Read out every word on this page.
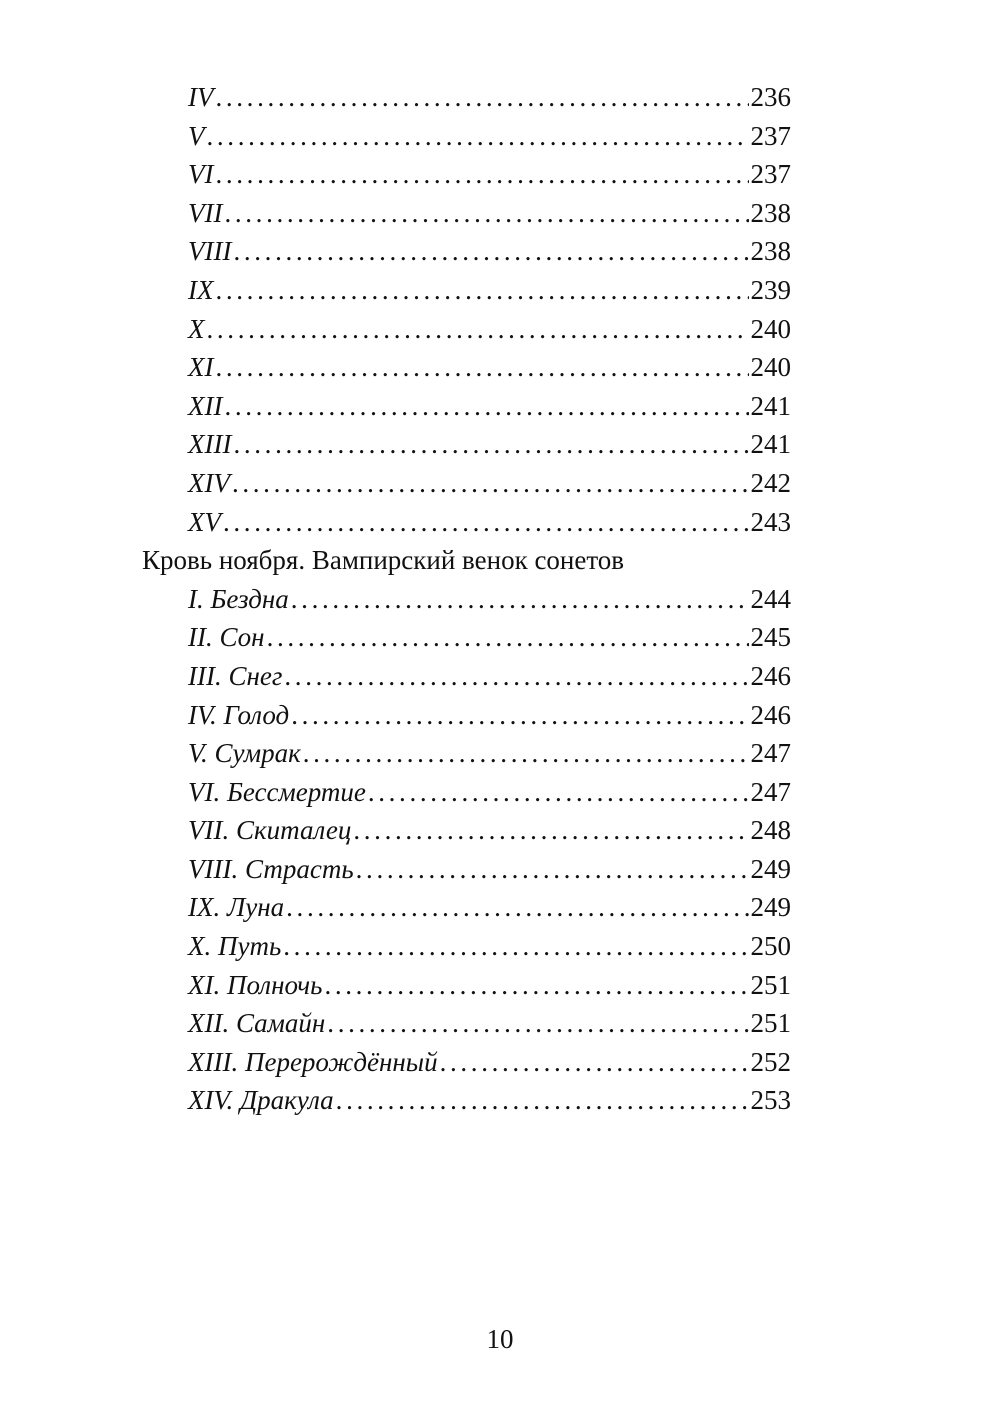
IV . . .	236
V . . .	237
VI . . .	237
VII . . .	238
VIII . . .	238
IX . . .	239
X . . .	240
XI . . .	240
XII . . .	241
XIII . . .	241
XIV . . .	242
XV . . .	243
Кровь ноября. Вампирский венок сонетов
I. Бездна . . .	244
II. Сон . . .	245
III. Снег . . .	246
IV. Голод . . .	246
V. Сумрак . . .	247
VI. Бессмертие . . .	247
VII. Скиталец . . .	248
VIII. Страсть . . .	249
IX. Луна . . .	249
X. Путь . . .	250
XI. Полночь . . .	251
XII. Самайн . . .	251
XIII. Перерождённый . . .	252
XIV. Дракула . . .	253
10
